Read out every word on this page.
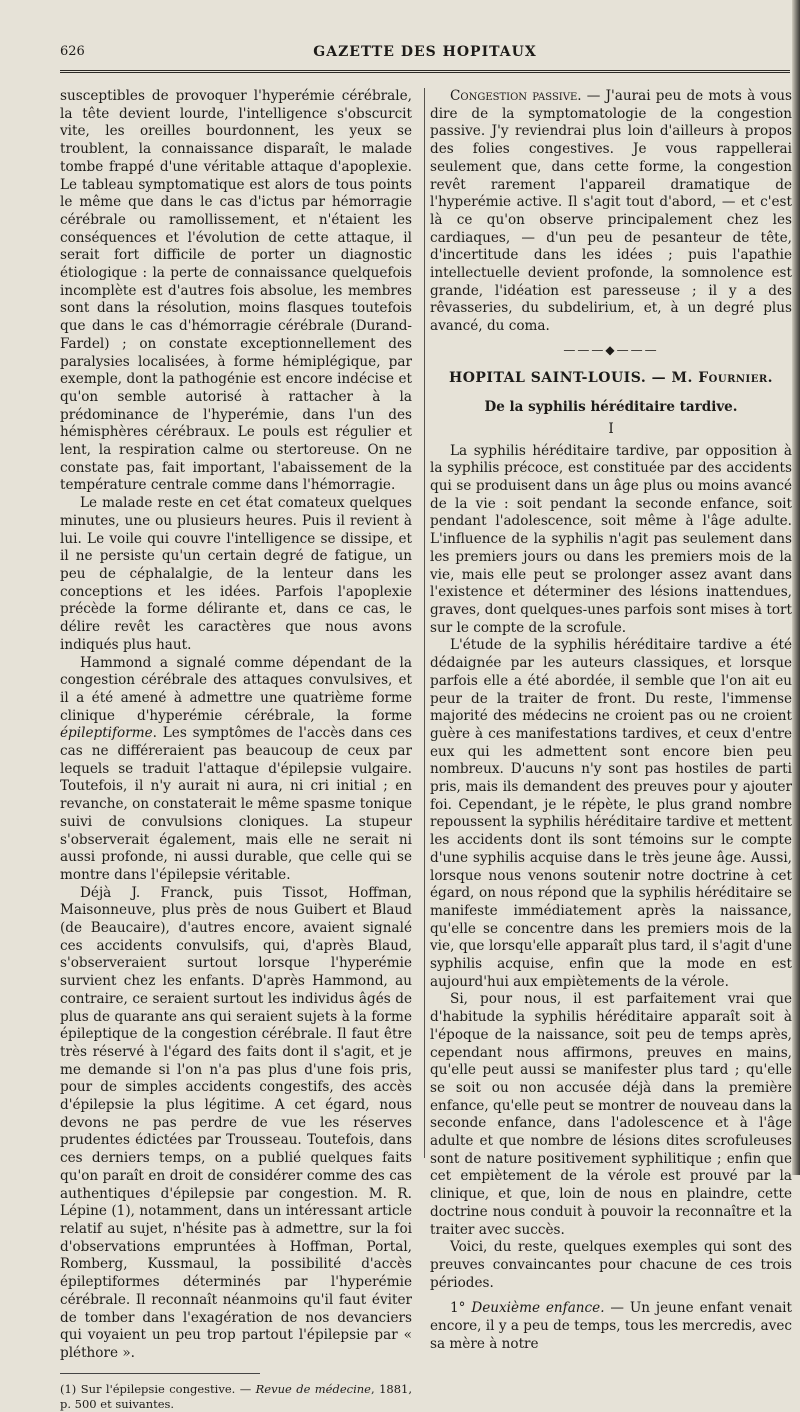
626	GAZETTE DES HOPITAUX

susceptibles de provoquer l'hyperémie cérébrale, la tête devient lourde, l'intelligence s'obscurcit vite, les oreilles bourdonnent, les yeux se troublent, la connaissance disparaît, le malade tombe frappé d'une véritable attaque d'apoplexie. Le tableau symptomatique est alors de tous points le même que dans le cas d'ictus par hémorragie cérébrale ou ramollissement, et n'étaient les conséquences et l'évolution de cette attaque, il serait fort difficile de porter un diagnostic étiologique : la perte de connaissance quelquefois incomplète est d'autres fois absolue, les membres sont dans la résolution, moins flasques toutefois que dans le cas d'hémorragie cérébrale (Durand-Fardel) ; on constate exceptionnellement des paralysies localisées, à forme hémiplégique, par exemple, dont la pathogénie est encore indécise et qu'on semble autorisé à rattacher à la prédominance de l'hyperémie, dans l'un des hémisphères cérébraux. Le pouls est régulier et lent, la respiration calme ou stertoreuse. On ne constate pas, fait important, l'abaissement de la température centrale comme dans l'hémorragie.

Le malade reste en cet état comateux quelques minutes, une ou plusieurs heures. Puis il revient à lui. Le voile qui couvre l'intelligence se dissipe, et il ne persiste qu'un certain degré de fatigue, un peu de céphalalgie, de la lenteur dans les conceptions et les idées. Parfois l'apoplexie précède la forme délirante et, dans ce cas, le délire revêt les caractères que nous avons indiqués plus haut.

Hammond a signalé comme dépendant de la congestion cérébrale des attaques convulsives, et il a été amené à admettre une quatrième forme clinique d'hyperémie cérébrale, la forme épileptiforme. Les symptômes de l'accès dans ces cas ne différeraient pas beaucoup de ceux par lequels se traduit l'attaque d'épilepsie vulgaire. Toutefois, il n'y aurait ni aura, ni cri initial ; en revanche, on constaterait le même spasme tonique suivi de convulsions cloniques. La stupeur s'observerait également, mais elle ne serait ni aussi profonde, ni aussi durable, que celle qui se montre dans l'épilepsie véritable.

Déjà J. Franck, puis Tissot, Hoffman, Maisonneuve, plus près de nous Guibert et Blaud (de Beaucaire), d'autres encore, avaient signalé ces accidents convulsifs, qui, d'après Blaud, s'observeraient surtout lorsque l'hyperémie survient chez les enfants. D'après Hammond, au contraire, ce seraient surtout les individus âgés de plus de quarante ans qui seraient sujets à la forme épileptique de la congestion cérébrale. Il faut être très réservé à l'égard des faits dont il s'agit, et je me demande si l'on n'a pas plus d'une fois pris, pour de simples accidents congestifs, des accès d'épilepsie la plus légitime. A cet égard, nous devons ne pas perdre de vue les réserves prudentes édictées par Trousseau. Toutefois, dans ces derniers temps, on a publié quelques faits qu'on paraît en droit de considérer comme des cas authentiques d'épilepsie par congestion. M. R. Lépine (1), notamment, dans un intéressant article relatif au sujet, n'hésite pas à admettre, sur la foi d'observations empruntées à Hoffman, Portal, Romberg, Kussmaul, la possibilité d'accès épileptiformes déterminés par l'hyperémie cérébrale. Il reconnaît néanmoins qu'il faut éviter de tomber dans l'exagération de nos devanciers qui voyaient un peu trop partout l'épilepsie par « pléthore ».

(1) Sur l'épilepsie congestive. — Revue de médecine, 1881, p. 500 et suivantes.

Congestion passive. — J'aurai peu de mots à vous dire de la symptomatologie de la congestion passive. J'y reviendrai plus loin d'ailleurs à propos des folies congestives. Je vous rappellerai seulement que, dans cette forme, la congestion revêt rarement l'appareil dramatique de l'hyperémie active. Il s'agit tout d'abord, — et c'est là ce qu'on observe principalement chez les cardiaques, — d'un peu de pesanteur de tête, d'incertitude dans les idées ; puis l'apathie intellectuelle devient profonde, la somnolence est grande, l'idéation est paresseuse ; il y a des rêvasseries, du subdelirium, et, à un degré plus avancé, du coma.

———◆———
HOPITAL SAINT-LOUIS. — M. Fournier.
De la syphilis héréditaire tardive.
I

La syphilis héréditaire tardive, par opposition à la syphilis précoce, est constituée par des accidents qui se produisent dans un âge plus ou moins avancé de la vie : soit pendant la seconde enfance, soit pendant l'adolescence, soit même à l'âge adulte. L'influence de la syphilis n'agit pas seulement dans les premiers jours ou dans les premiers mois de la vie, mais elle peut se prolonger assez avant dans l'existence et déterminer des lésions inattendues, graves, dont quelques-unes parfois sont mises à tort sur le compte de la scrofule.

L'étude de la syphilis héréditaire tardive a été dédaignée par les auteurs classiques, et lorsque parfois elle a été abordée, il semble que l'on ait eu peur de la traiter de front. Du reste, l'immense majorité des médecins ne croient pas ou ne croient guère à ces manifestations tardives, et ceux d'entre eux qui les admettent sont encore bien peu nombreux. D'aucuns n'y sont pas hostiles de parti pris, mais ils demandent des preuves pour y ajouter foi. Cependant, je le répète, le plus grand nombre repoussent la syphilis héréditaire tardive et mettent les accidents dont ils sont témoins sur le compte d'une syphilis acquise dans le très jeune âge. Aussi, lorsque nous venons soutenir notre doctrine à cet égard, on nous répond que la syphilis héréditaire se manifeste immédiatement après la naissance, qu'elle se concentre dans les premiers mois de la vie, que lorsqu'elle apparaît plus tard, il s'agit d'une syphilis acquise, enfin que la mode en est aujourd'hui aux empiètements de la vérole.

Si, pour nous, il est parfaitement vrai que d'habitude la syphilis héréditaire apparaît soit à l'époque de la naissance, soit peu de temps après, cependant nous affirmons, preuves en mains, qu'elle peut aussi se manifester plus tard ; qu'elle se soit ou non accusée déjà dans la première enfance, qu'elle peut se montrer de nouveau dans la seconde enfance, dans l'adolescence et à l'âge adulte et que nombre de lésions dites scrofuleuses sont de nature positivement syphilitique ; enfin que cet empiètement de la vérole est prouvé par la clinique, et que, loin de nous en plaindre, cette doctrine nous conduit à pouvoir la reconnaître et la traiter avec succès.

Voici, du reste, quelques exemples qui sont des preuves convaincantes pour chacune de ces trois périodes.

1° Deuxième enfance. — Un jeune enfant venait encore, il y a peu de temps, tous les mercredis, avec sa mère à notre
